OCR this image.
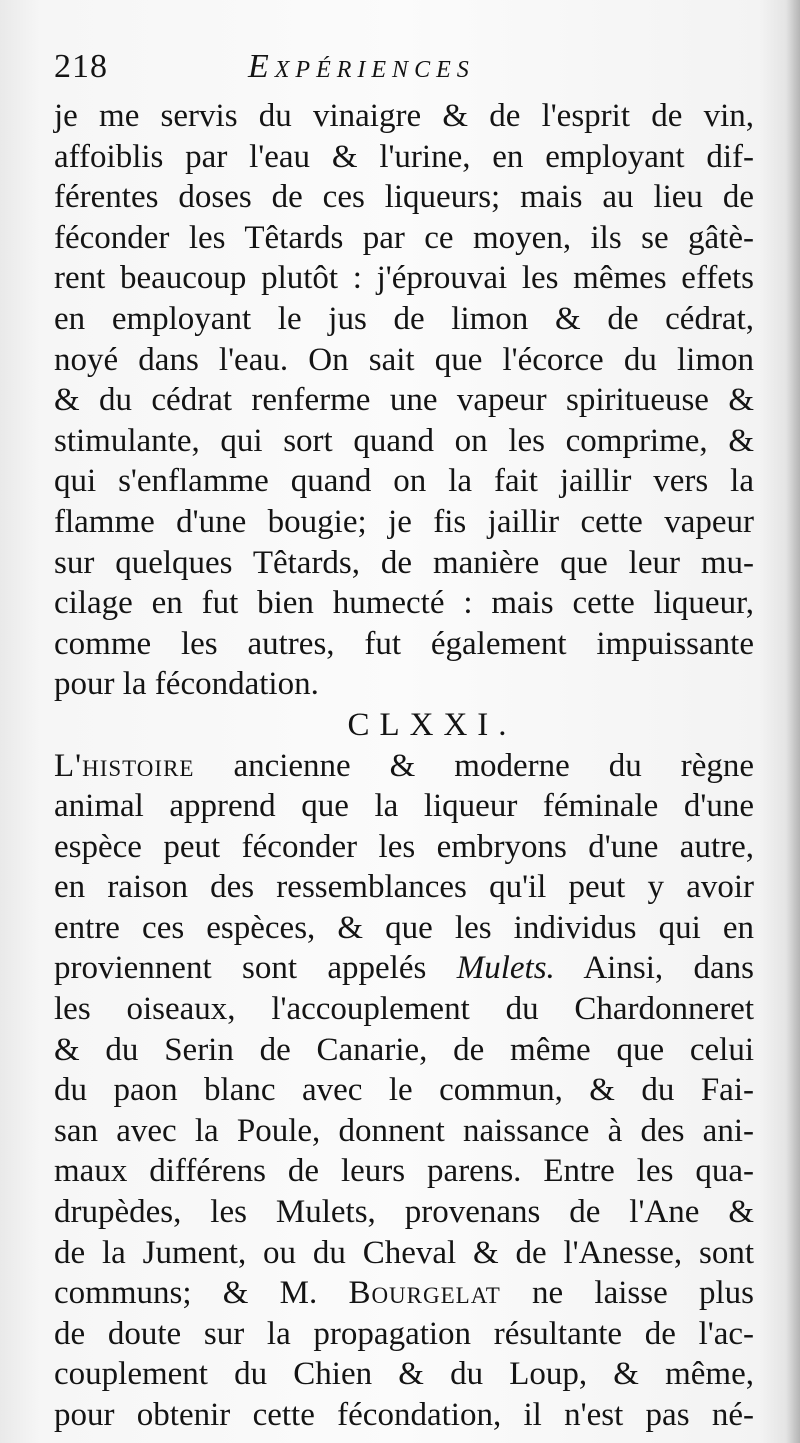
218	Expériences
je me servis du vinaigre & de l'esprit de vin,
affoiblis par l'eau & l'urine, en employant dif-
férentes doses de ces liqueurs; mais au lieu de
féconder les Têtards par ce moyen, ils se gâtè-
rent beaucoup plutôt : j'éprouvai les mêmes effets
en employant le jus de limon & de cédrat,
noyé dans l'eau. On sait que l'écorce du limon
& du cédrat renferme une vapeur spiritueuse &
stimulante, qui sort quand on les comprime, &
qui s'enflamme quand on la fait jaillir vers la
flamme d'une bougie; je fis jaillir cette vapeur
sur quelques Têtards, de manière que leur mu-
cilage en fut bien humecté : mais cette liqueur,
comme les autres, fut également impuissante
pour la fécondation.
CLXXI.
L'histoire ancienne & moderne du règne
animal apprend que la liqueur féminale d'une
espèce peut féconder les embryons d'une autre,
en raison des ressemblances qu'il peut y avoir
entre ces espèces, & que les individus qui en
proviennent sont appelés Mulets. Ainsi, dans
les oiseaux, l'accouplement du Chardonneret
& du Serin de Canarie, de même que celui
du paon blanc avec le commun, & du Fai-
san avec la Poule, donnent naissance à des ani-
maux différens de leurs parens. Entre les qua-
drupèdes, les Mulets, provenans de l'Ane &
de la Jument, ou du Cheval & de l'Anesse, sont
communs; & M. Bourgelat ne laisse plus
de doute sur la propagation résultante de l'ac-
couplement du Chien & du Loup, & même,
pour obtenir cette fécondation, il n'est pas né-
